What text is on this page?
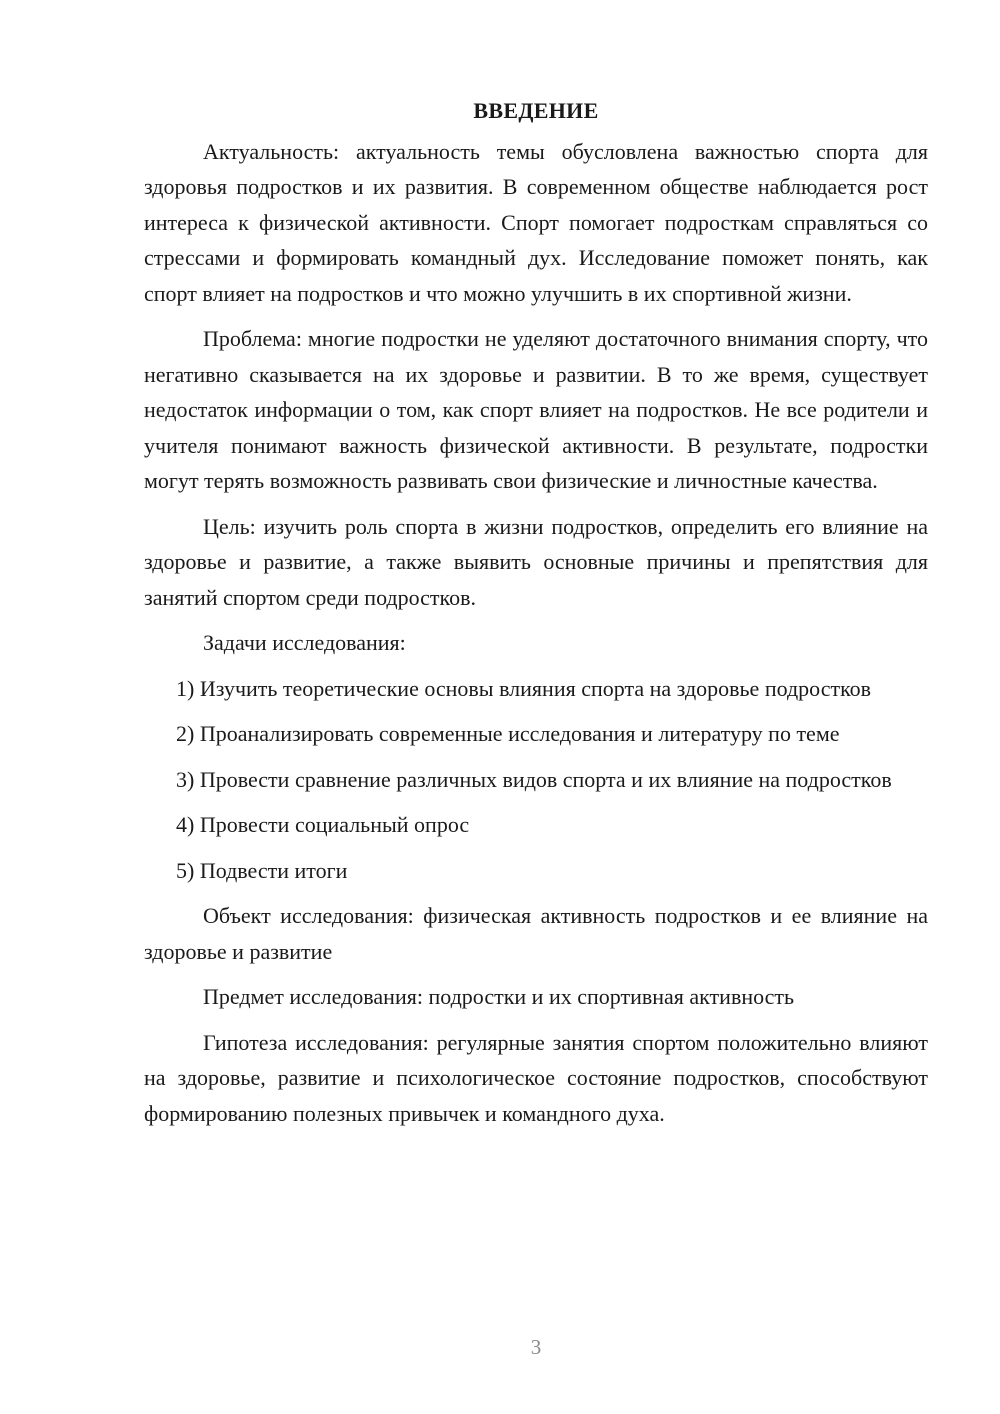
ВВЕДЕНИЕ

Актуальность: актуальность темы обусловлена важностью спорта для здоровья подростков и их развития. В современном обществе наблюдается рост интереса к физической активности. Спорт помогает подросткам справляться со стрессами и формировать командный дух. Исследование поможет понять, как спорт влияет на подростков и что можно улучшить в их спортивной жизни.

Проблема: многие подростки не уделяют достаточного внимания спорту, что негативно сказывается на их здоровье и развитии. В то же время, существует недостаток информации о том, как спорт влияет на подростков. Не все родители и учителя понимают важность физической активности. В результате, подростки могут терять возможность развивать свои физические и личностные качества.

Цель: изучить роль спорта в жизни подростков, определить его влияние на здоровье и развитие, а также выявить основные причины и препятствия для занятий спортом среди подростков.

Задачи исследования:

1) Изучить теоретические основы влияния спорта на здоровье подростков

2) Проанализировать современные исследования и литературу по теме

3) Провести сравнение различных видов спорта и их влияние на подростков

4) Провести социальный опрос

5) Подвести итоги

Объект исследования: физическая активность подростков и ее влияние на здоровье и развитие

Предмет исследования: подростки и их спортивная активность

Гипотеза исследования: регулярные занятия спортом положительно влияют на здоровье, развитие и психологическое состояние подростков, способствуют формированию полезных привычек и командного духа.

3
